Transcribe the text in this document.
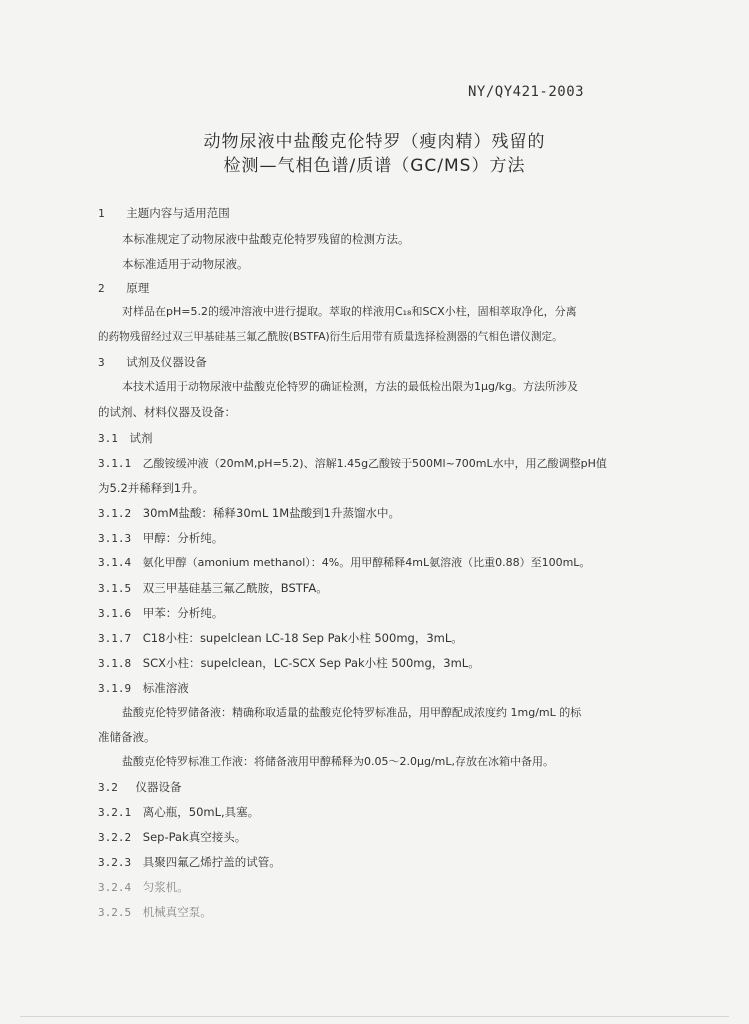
NY/QY421-2003
动物尿液中盐酸克伦特罗（瘦肉精）残留的
检测—气相色谱/质谱（GC/MS）方法
1 主题内容与适用范围
本标准规定了动物尿液中盐酸克伦特罗残留的检测方法。
本标准适用于动物尿液。
2 原理
对样品在pH=5.2的缓冲溶液中进行提取。萃取的样液用C₁₈和SCX小柱，固相萃取净化，分离
的药物残留经过双三甲基硅基三氟乙酰胺(BSTFA)衍生后用带有质量选择检测器的气相色谱仪测定。
3 试剂及仪器设备
本技术适用于动物尿液中盐酸克伦特罗的确证检测，方法的最低检出限为1μg/kg。方法所涉及
的试剂、材料仪器及设备：
3.1 试剂
3.1.1 乙酸铵缓冲液（20mM,pH=5.2)、溶解1.45g乙酸铵于500Ml~700mL水中，用乙酸调整pH值
为5.2并稀释到1升。
3.1.2 30mM盐酸：稀释30mL 1M盐酸到1升蒸馏水中。
3.1.3 甲醇：分析纯。
3.1.4 氨化甲醇（amonium methanol）：4%。用甲醇稀释4mL氨溶液（比重0.88）至100mL。
3.1.5 双三甲基硅基三氟乙酰胺，BSTFA。
3.1.6 甲苯：分析纯。
3.1.7 C18小柱：supelclean LC-18 Sep Pak小柱 500mg，3mL。
3.1.8 SCX小柱：supelclean，LC-SCX Sep Pak小柱 500mg，3mL。
3.1.9 标准溶液
盐酸克伦特罗储备液：精确称取适量的盐酸克伦特罗标准品，用甲醇配成浓度约 1mg/mL 的标
准储备液。
盐酸克伦特罗标准工作液：将储备液用甲醇稀释为0.05～2.0μg/mL,存放在冰箱中备用。
3.2 仪器设备
3.2.1 离心瓶，50mL,具塞。
3.2.2 Sep-Pak真空接头。
3.2.3 具聚四氟乙烯拧盖的试管。
3.2.4 匀浆机。
3.2.5 机械真空泵。
